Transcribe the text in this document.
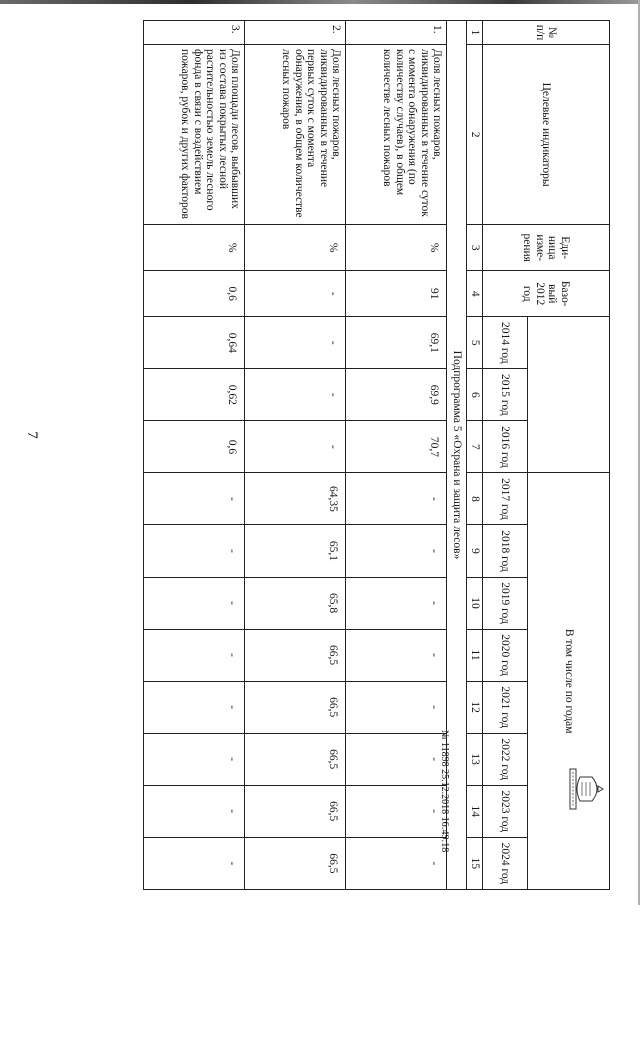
7
№ п/п	Целевые индикаторы	Еди-ница изме-рения	Базо-вый 2012 год				В том числе по годам							
				2014 год	2015 год	2016 год	2017 год	2018 год	2019 год	2020 год	2021 год	2022 год	2023 год	2024 год
1	2	3	4	5	6	7	8	9	10	11	12	13	14	15
Подпрограмма 5 «Охрана и защита лесов»														
1.	Доля лесных пожаров, ликвидированных в течение суток с момента обнаружения (по количеству случаев), в общем количестве лесных пожаров	%	91	69,1	69,9	70,7	-	-	-	-	-	-	-	-
2.	Доля лесных пожаров, ликвидированных в течение первых суток с момента обнаружения, в общем количестве лесных пожаров	%	-	-	-	-	64,35	65,1	65,8	66,5	66,5	66,5	66,5	66,5
3.	Доля площади лесов, выбывших из состава покрытых лесной растительностью земель лесного фонда в связи с воздействием пожаров, рубок и других факторов	%	0,6	0,64	0,62	0,6	-	-	-	-	-	-	-	-
№ 11898 25.12.2018 16:49:18
